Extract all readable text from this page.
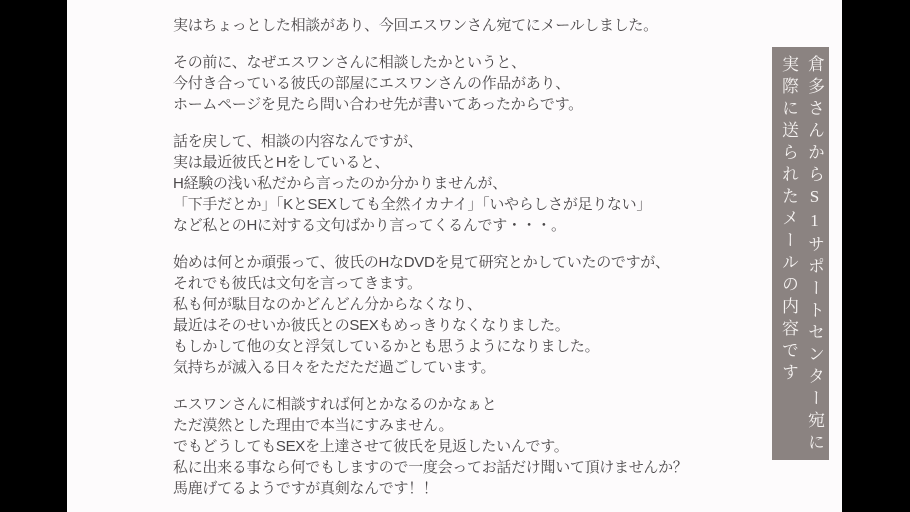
実はちょっとした相談があり、今回エスワンさん宛てにメールしました。

その前に、なぜエスワンさんに相談したかというと、
今付き合っている彼氏の部屋にエスワンさんの作品があり、
ホームページを見たら問い合わせ先が書いてあったからです。

話を戻して、相談の内容なんですが、
実は最近彼氏とHをしていると、
H経験の浅い私だから言ったのか分かりませんが、
「下手だとか」「KとSEXしても全然イカナイ」「いやらしさが足りない」
など私とのHに対する文句ばかり言ってくるんです・・・。

始めは何とか頑張って、彼氏のHなDVDを見て研究とかしていたのですが、
それでも彼氏は文句を言ってきます。
私も何が駄目なのかどんどん分からなくなり、
最近はそのせいか彼氏とのSEXもめっきりなくなりました。
もしかして他の女と浮気しているかとも思うようになりました。
気持ちが滅入る日々をただただ過ごしています。

エスワンさんに相談すれば何とかなるのかなぁと
ただ漠然とした理由で本当にすみません。
でもどうしてもSEXを上達させて彼氏を見返したいんです。
私に出来る事なら何でもしますので一度会ってお話だけ聞いて頂けませんか？
馬鹿げてるようですが真剣なんです！！

倉多さんからS1サポートセンター宛に
実際に送られたメールの内容です
